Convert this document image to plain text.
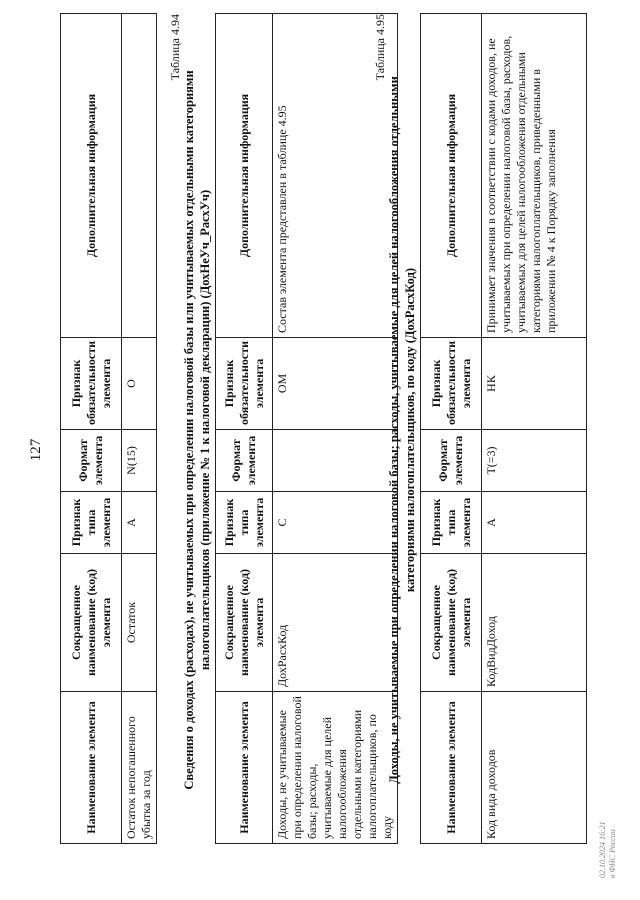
127
Наименование элемента	Сокращенное наименование (код) элемента	Признак типа элемента	Формат элемента	Признак обязательности элемента	Дополнительная информация
Остаток непогашенного убытка за год	Остаток	А	N(15)	О	
Таблица 4.94
Сведения о доходах (расходах), не учитываемых при определении налоговой базы или учитываемых отдельными категориями налогоплательщиков (приложение № 1 к налоговой декларации) (ДохНеУч_РасхУч)
Наименование элемента	Сокращенное наименование (код) элемента	Признак типа элемента	Формат элемента	Признак обязательности элемента	Дополнительная информация
Доходы, не учитываемые при определении налоговой базы; расходы, учитываемые для целей налогообложения отдельными категориями налогоплательщиков, по коду	ДохРасхКод	С		ОМ	Состав элемента представлен в таблице 4.95
Таблица 4.95
Доходы, не учитываемые при определении налоговой базы; расходы, учитываемые для целей налогообложения отдельными категориями налогоплательщиков, по коду (ДохРасхКод)
Наименование элемента	Сокращенное наименование (код) элемента	Признак типа элемента	Формат элемента	Признак обязательности элемента	Дополнительная информация
Код вида доходов	КодВидДоход	А	Т(=3)	НК	Принимает значения в соответствии с кодами доходов, не учитываемых при определении налоговой базы, расходов, учитываемых для целей налогообложения отдельными категориями налогоплательщиков, приведенными в приложении № 4 к Порядку заполнения
02.10.2024 16:21 в ФНС России
